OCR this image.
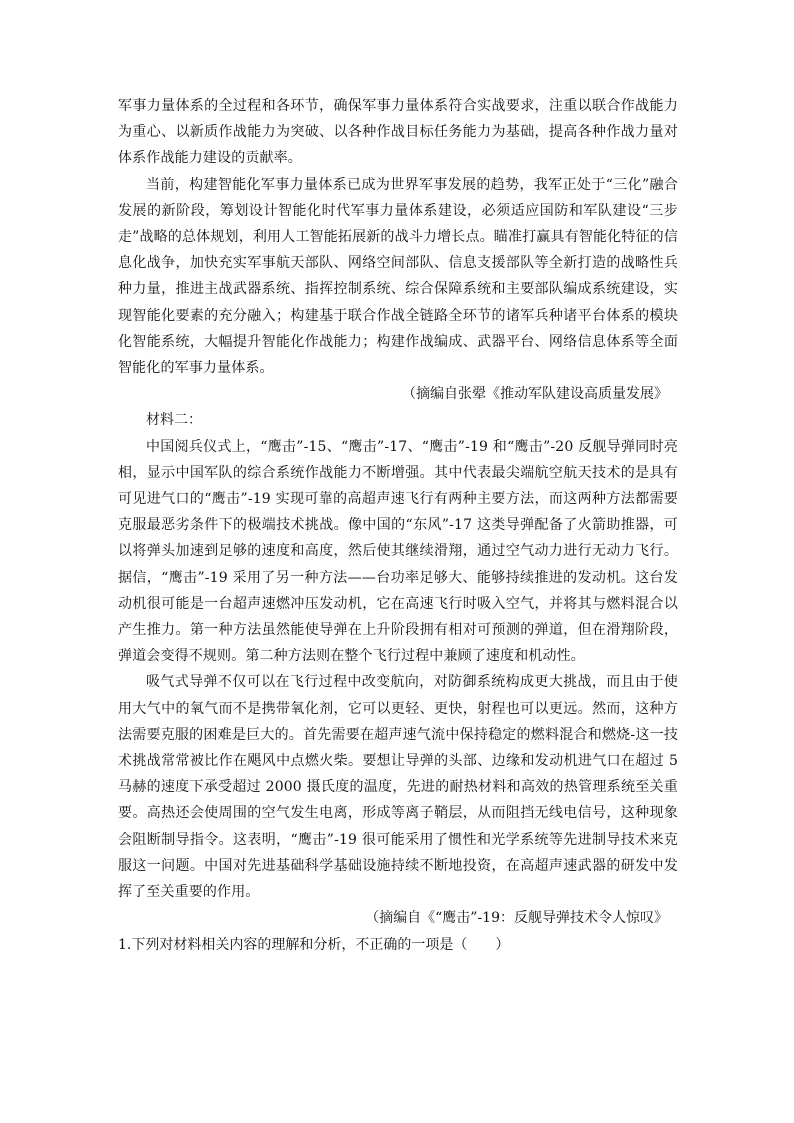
军事力量体系的全过程和各环节，确保军事力量体系符合实战要求，注重以联合作战能力为重心、以新质作战能力为突破、以各种作战目标任务能力为基础，提高各种作战力量对体系作战能力建设的贡献率。

当前，构建智能化军事力量体系已成为世界军事发展的趋势，我军正处于“三化”融合发展的新阶段，筹划设计智能化时代军事力量体系建设，必须适应国防和军队建设“三步走”战略的总体规划，利用人工智能拓展新的战斗力增长点。瞄准打赢具有智能化特征的信息化战争，加快充实军事航天部队、网络空间部队、信息支援部队等全新打造的战略性兵种力量，推进主战武器系统、指挥控制系统、综合保障系统和主要部队编成系统建设，实现智能化要素的充分融入；构建基于联合作战全链路全环节的诸军兵种诸平台体系的模块化智能系统，大幅提升智能化作战能力；构建作战编成、武器平台、网络信息体系等全面智能化的军事力量体系。

（摘编自张翚《推动军队建设高质量发展》

材料二：

中国阅兵仪式上，“鹰击”-15、“鹰击”-17、“鹰击”-19 和“鹰击”-20 反舰导弹同时亮相，显示中国军队的综合系统作战能力不断增强。其中代表最尖端航空航天技术的是具有可见进气口的“鹰击”-19 实现可靠的高超声速飞行有两种主要方法，而这两种方法都需要克服最恶劣条件下的极端技术挑战。像中国的“东风”-17 这类导弹配备了火箭助推器，可以将弹头加速到足够的速度和高度，然后使其继续滑翔，通过空气动力进行无动力飞行。据信，“鹰击”-19 采用了另一种方法——台功率足够大、能够持续推进的发动机。这台发动机很可能是一台超声速燃冲压发动机，它在高速飞行时吸入空气，并将其与燃料混合以产生推力。第一种方法虽然能使导弹在上升阶段拥有相对可预测的弹道，但在滑翔阶段，弹道会变得不规则。第二种方法则在整个飞行过程中兼顾了速度和机动性。

吸气式导弹不仅可以在飞行过程中改变航向，对防御系统构成更大挑战，而且由于使用大气中的氧气而不是携带氧化剂，它可以更轻、更快，射程也可以更远。然而，这种方法需要克服的困难是巨大的。首先需要在超声速气流中保持稳定的燃料混合和燃烧-这一技术挑战常常被比作在飓风中点燃火柴。要想让导弹的头部、边缘和发动机进气口在超过 5 马赫的速度下承受超过 2000 摄氏度的温度，先进的耐热材料和高效的热管理系统至关重要。高热还会使周围的空气发生电离，形成等离子鞘层，从而阻挡无线电信号，这种现象会阻断制导指令。这表明，“鹰击”-19 很可能采用了惯性和光学系统等先进制导技术来克服这一问题。中国对先进基础科学基础设施持续不断地投资，在高超声速武器的研发中发挥了至关重要的作用。

（摘编自《“鹰击”-19：反舰导弹技术令人惊叹》

1.下列对材料相关内容的理解和分析，不正确的一项是（　　）
